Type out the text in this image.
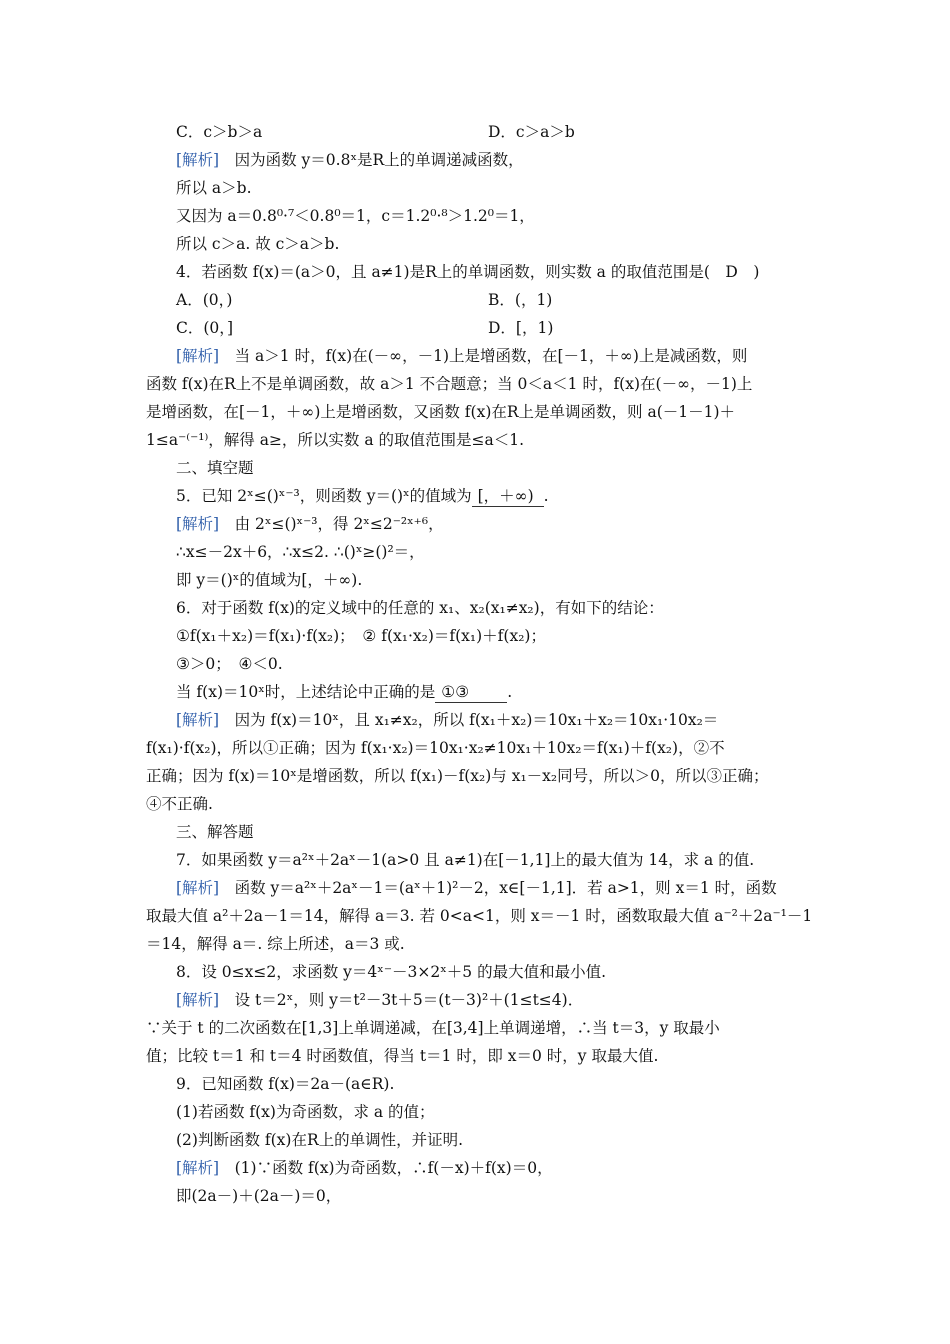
C．c＞b＞a	D．c＞a＞b
[解析]　因为函数 y＝0.8ˣ是R上的单调递减函数，
所以 a＞b.
又因为 a＝0.8⁰·⁷＜0.8⁰＝1，c＝1.2⁰·⁸＞1.2⁰＝1，
所以 c＞a. 故 c＞a＞b.
4．若函数 f(x)＝(a＞0，且 a≠1)是R上的单调函数，则实数 a 的取值范围是(　D　)
A．(0，)	B．(，1)
C．(0，]	D．[，1)
[解析]　当 a＞1 时，f(x)在(－∞，－1)上是增函数，在[－1，＋∞)上是减函数，则
函数 f(x)在R上不是单调函数，故 a＞1 不合题意；当 0＜a＜1 时，f(x)在(－∞，－1)上
是增函数，在[－1，＋∞)上是增函数，又函数 f(x)在R上是单调函数，则 a(－1－1)＋
1≤a⁻⁽⁻¹⁾，解得 a≥，所以实数 a 的取值范围是≤a＜1.
二、填空题
5．已知 2ˣ≤()ˣ⁻³，则函数 y＝()ˣ的值域为 [，＋∞) .
[解析]　由 2ˣ≤()ˣ⁻³，得 2ˣ≤2⁻²ˣ⁺⁶，
∴x≤－2x＋6，∴x≤2. ∴()ˣ≥()²＝，
即 y＝()ˣ的值域为[，＋∞).
6．对于函数 f(x)的定义域中的任意的 x₁、x₂(x₁≠x₂)，有如下的结论：
①f(x₁＋x₂)＝f(x₁)·f(x₂)；　② f(x₁·x₂)＝f(x₁)＋f(x₂)；
③＞0；　④＜0.
当 f(x)＝10ˣ时，上述结论中正确的是 ①③ .
[解析]　因为 f(x)＝10ˣ，且 x₁≠x₂，所以 f(x₁＋x₂)＝10x₁＋x₂＝10x₁·10x₂＝
f(x₁)·f(x₂)，所以①正确；因为 f(x₁·x₂)＝10x₁·x₂≠10x₁＋10x₂＝f(x₁)＋f(x₂)，②不
正确；因为 f(x)＝10ˣ是增函数，所以 f(x₁)－f(x₂)与 x₁－x₂同号，所以＞0，所以③正确；
④不正确.
三、解答题
7．如果函数 y＝a²ˣ＋2aˣ－1(a>0 且 a≠1)在[－1,1]上的最大值为 14，求 a 的值.
[解析]　函数 y＝a²ˣ＋2aˣ－1＝(aˣ＋1)²－2，x∈[－1,1]．若 a>1，则 x＝1 时，函数
取最大值 a²＋2a－1＝14，解得 a＝3. 若 0<a<1，则 x＝－1 时，函数取最大值 a⁻²＋2a⁻¹－1
＝14，解得 a＝. 综上所述，a＝3 或.
8．设 0≤x≤2，求函数 y＝4ˣ⁻－3×2ˣ＋5 的最大值和最小值.
[解析]　设 t＝2ˣ，则 y＝t²－3t＋5＝(t－3)²＋(1≤t≤4)．
∵关于 t 的二次函数在[1,3]上单调递减，在[3,4]上单调递增，∴当 t＝3，y 取最小
值；比较 t＝1 和 t＝4 时函数值，得当 t＝1 时，即 x＝0 时，y 取最大值.
9．已知函数 f(x)＝2a－(a∈R).
(1)若函数 f(x)为奇函数，求 a 的值；
(2)判断函数 f(x)在R上的单调性，并证明.
[解析]　(1)∵函数 f(x)为奇函数，∴f(－x)＋f(x)＝0，
即(2a－)＋(2a－)＝0，
